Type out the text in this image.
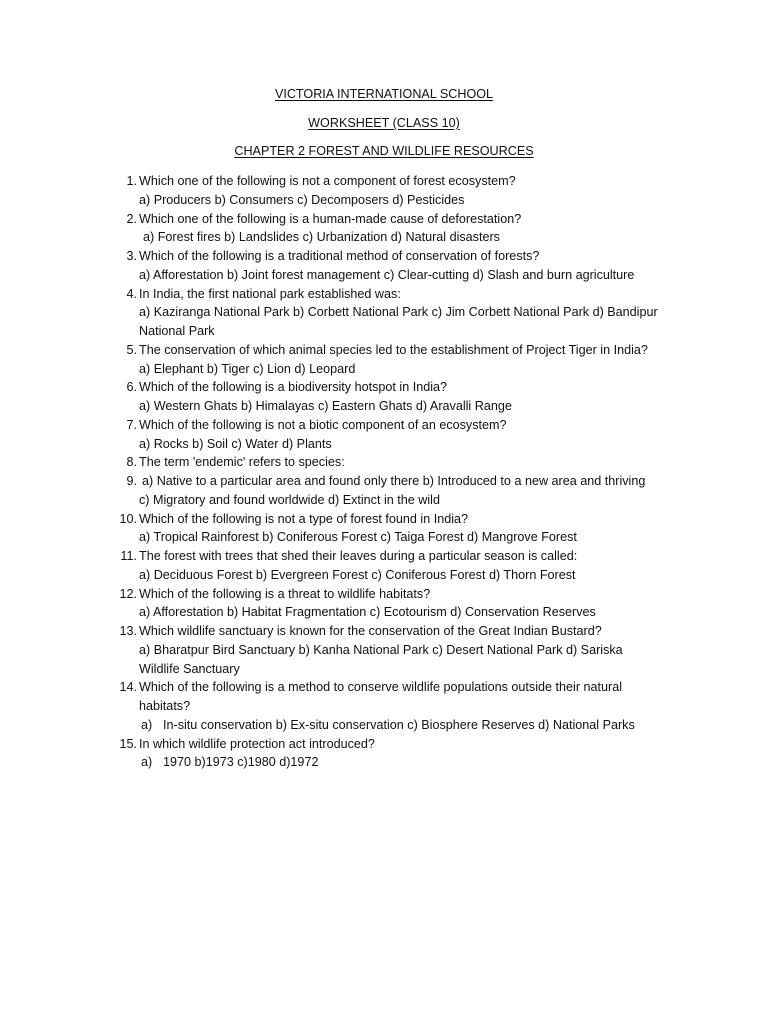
VICTORIA INTERNATIONAL SCHOOL
WORKSHEET (CLASS 10)
CHAPTER 2 FOREST AND WILDLIFE RESOURCES
1. Which one of the following is not a component of forest ecosystem?
a) Producers b) Consumers c) Decomposers d) Pesticides
2. Which one of the following is a human-made cause of deforestation?
a) Forest fires b) Landslides c) Urbanization d) Natural disasters
3. Which of the following is a traditional method of conservation of forests?
a) Afforestation b) Joint forest management c) Clear-cutting d) Slash and burn agriculture
4. In India, the first national park established was:
a) Kaziranga National Park b) Corbett National Park c) Jim Corbett National Park d) Bandipur
National Park
5. The conservation of which animal species led to the establishment of Project Tiger in India?
a) Elephant b) Tiger c) Lion d) Leopard
6. Which of the following is a biodiversity hotspot in India?
a) Western Ghats b) Himalayas c) Eastern Ghats d) Aravalli Range
7. Which of the following is not a biotic component of an ecosystem?
a) Rocks b) Soil c) Water d) Plants
8. The term 'endemic' refers to species:
9. a) Native to a particular area and found only there b) Introduced to a new area and thriving
c) Migratory and found worldwide d) Extinct in the wild
10. Which of the following is not a type of forest found in India?
a) Tropical Rainforest b) Coniferous Forest c) Taiga Forest d) Mangrove Forest
11. The forest with trees that shed their leaves during a particular season is called:
a) Deciduous Forest b) Evergreen Forest c) Coniferous Forest d) Thorn Forest
12. Which of the following is a threat to wildlife habitats?
a) Afforestation b) Habitat Fragmentation c) Ecotourism d) Conservation Reserves
13. Which wildlife sanctuary is known for the conservation of the Great Indian Bustard?
a) Bharatpur Bird Sanctuary b) Kanha National Park c) Desert National Park d) Sariska
Wildlife Sanctuary
14. Which of the following is a method to conserve wildlife populations outside their natural
habitats?
a) In-situ conservation b) Ex-situ conservation c) Biosphere Reserves d) National Parks
15. In which wildlife protection act introduced?
a) 1970 b)1973 c)1980 d)1972
